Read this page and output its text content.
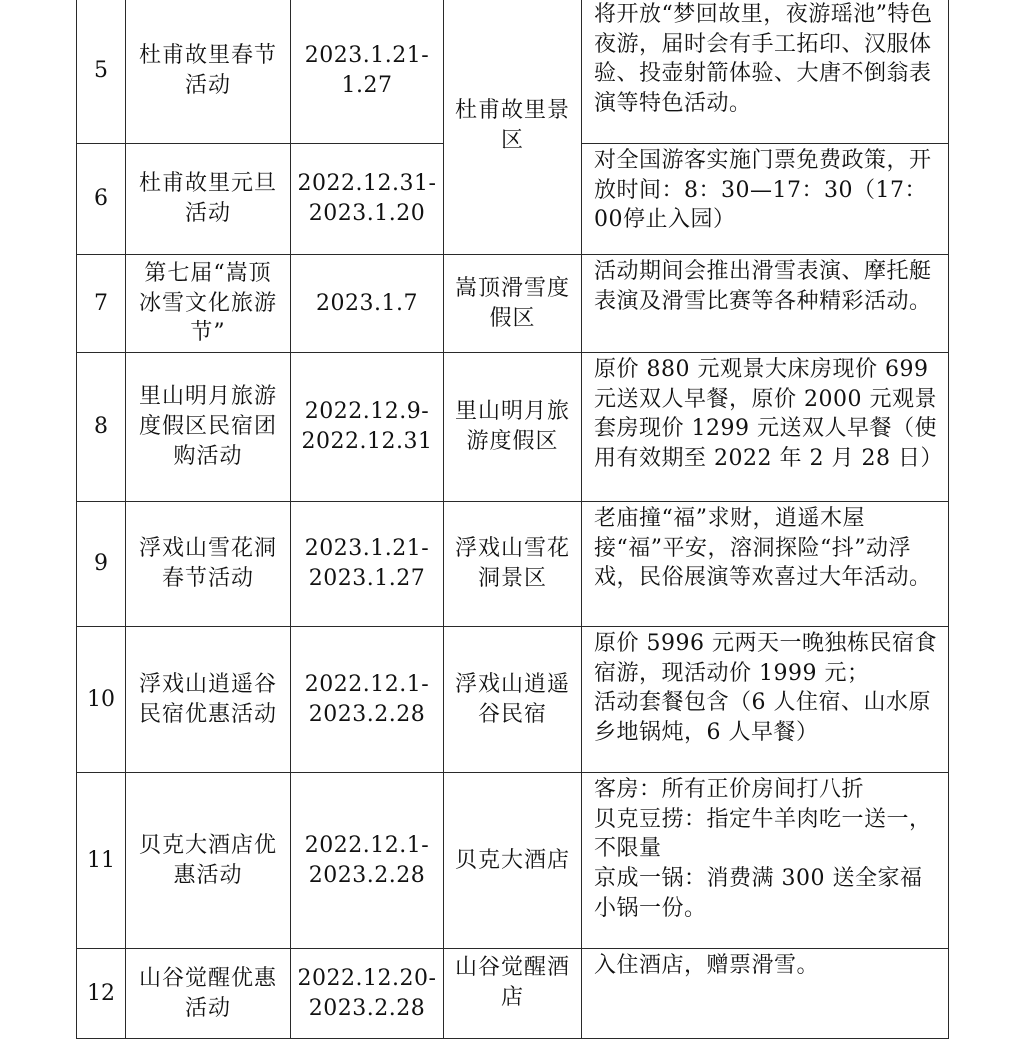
5	杜甫故里春节活动	2023.1.21-1.27	杜甫故里景区	将开放“梦回故里，夜游瑶池”特色夜游，届时会有手工拓印、汉服体验、投壶射箭体验、大唐不倒翁表演等特色活动。

6	杜甫故里元旦活动	2022.12.31-2023.1.20		对全国游客实施门票免费政策，开放时间：8：30—17：30（17：00停止入园）

7	第七届“嵩顶冰雪文化旅游节”	2023.1.7	嵩顶滑雪度假区	活动期间会推出滑雪表演、摩托艇表演及滑雪比赛等各种精彩活动。

8	里山明月旅游度假区民宿团购活动	2022.12.9-2022.12.31	里山明月旅游度假区	原价 880 元观景大床房现价 699 元送双人早餐，原价 2000 元观景套房现价 1299 元送双人早餐（使用有效期至 2022 年 2 月 28 日）

9	浮戏山雪花洞春节活动	2023.1.21-2023.1.27	浮戏山雪花洞景区	老庙撞“福”求财，逍遥木屋接“福”平安，溶洞探险“抖”动浮戏，民俗展演等欢喜过大年活动。

10	浮戏山逍遥谷民宿优惠活动	2022.12.1-2023.2.28	浮戏山逍遥谷民宿	原价 5996 元两天一晚独栋民宿食宿游，现活动价 1999 元；
活动套餐包含（6 人住宿、山水原乡地锅炖，6 人早餐）

11	贝克大酒店优惠活动	2022.12.1-2023.2.28	贝克大酒店	客房：所有正价房间打八折
贝克豆捞：指定牛羊肉吃一送一，不限量
京成一锅：消费满 300 送全家福小锅一份。

12	山谷觉醒优惠活动	2022.12.20-2023.2.28	山谷觉醒酒店	入住酒店，赠票滑雪。
